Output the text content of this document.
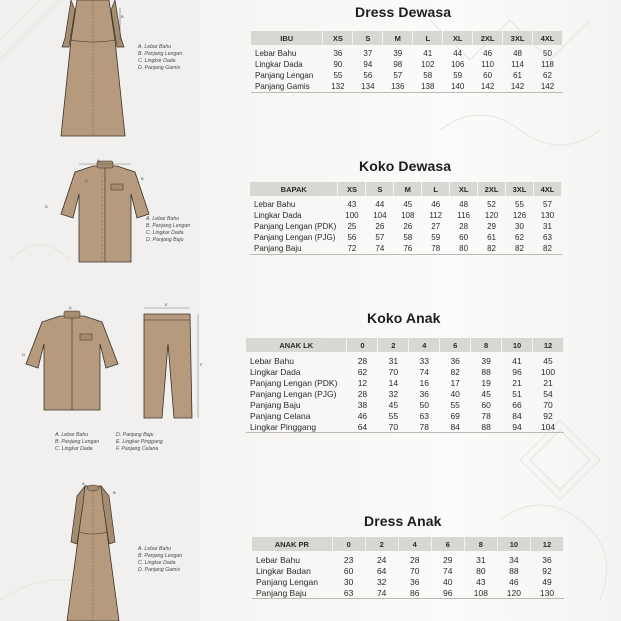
B
A. Lebar Bahu
B. Panjang Lengan
C. Lingkar Dada
D. Panjang Gamis
A
C	B
D
A. Lebar Bahu
B. Panjang Lengan
C. Lingkar Dada
D. Panjang Baju
A
D
E
F
A. Lebar Bahu
B. Panjang Lengan
C. Lingkar Dada
D. Panjang Baju
E. Lingkar Pinggang
F. Panjang Celana
A
B
A. Lebar Bahu
B. Panjang Lengan
C. Lingkar Dada
D. Panjang Gamis
Dress Dewasa
IBU	XS	S	M	L	XL	2XL	3XL	4XL
Lebar Bahu	36	37	39	41	44	46	48	50
Lingkar Dada	90	94	98	102	106	110	114	118
Panjang Lengan	55	56	57	58	59	60	61	62
Panjang Gamis	132	134	136	138	140	142	142	142
Koko Dewasa
BAPAK	XS	S	M	L	XL	2XL	3XL	4XL
Lebar Bahu	43	44	45	46	48	52	55	57
Lingkar Dada	100	104	108	112	116	120	126	130
Panjang Lengan (PDK)	25	26	26	27	28	29	30	31
Panjang Lengan (PJG)	56	57	58	59	60	61	62	63
Panjang Baju	72	74	76	78	80	82	82	82
Koko Anak
ANAK LK	0	2	4	6	8	10	12
Lebar Bahu	28	31	33	36	39	41	45
Lingkar Dada	62	70	74	82	88	96	100
Panjang Lengan (PDK)	12	14	16	17	19	21	21
Panjang Lengan (PJG)	28	32	36	40	45	51	54
Panjang Baju	38	45	50	55	60	66	70
Panjang Celana	46	55	63	69	78	84	92
Lingkar Pinggang	64	70	78	84	88	94	104
Dress Anak
ANAK PR	0	2	4	6	8	10	12
Lebar Bahu	23	24	28	29	31	34	36
Lingkar Badan	60	64	70	74	80	88	92
Panjang Lengan	30	32	36	40	43	46	49
Panjang Baju	63	74	86	96	108	120	130
